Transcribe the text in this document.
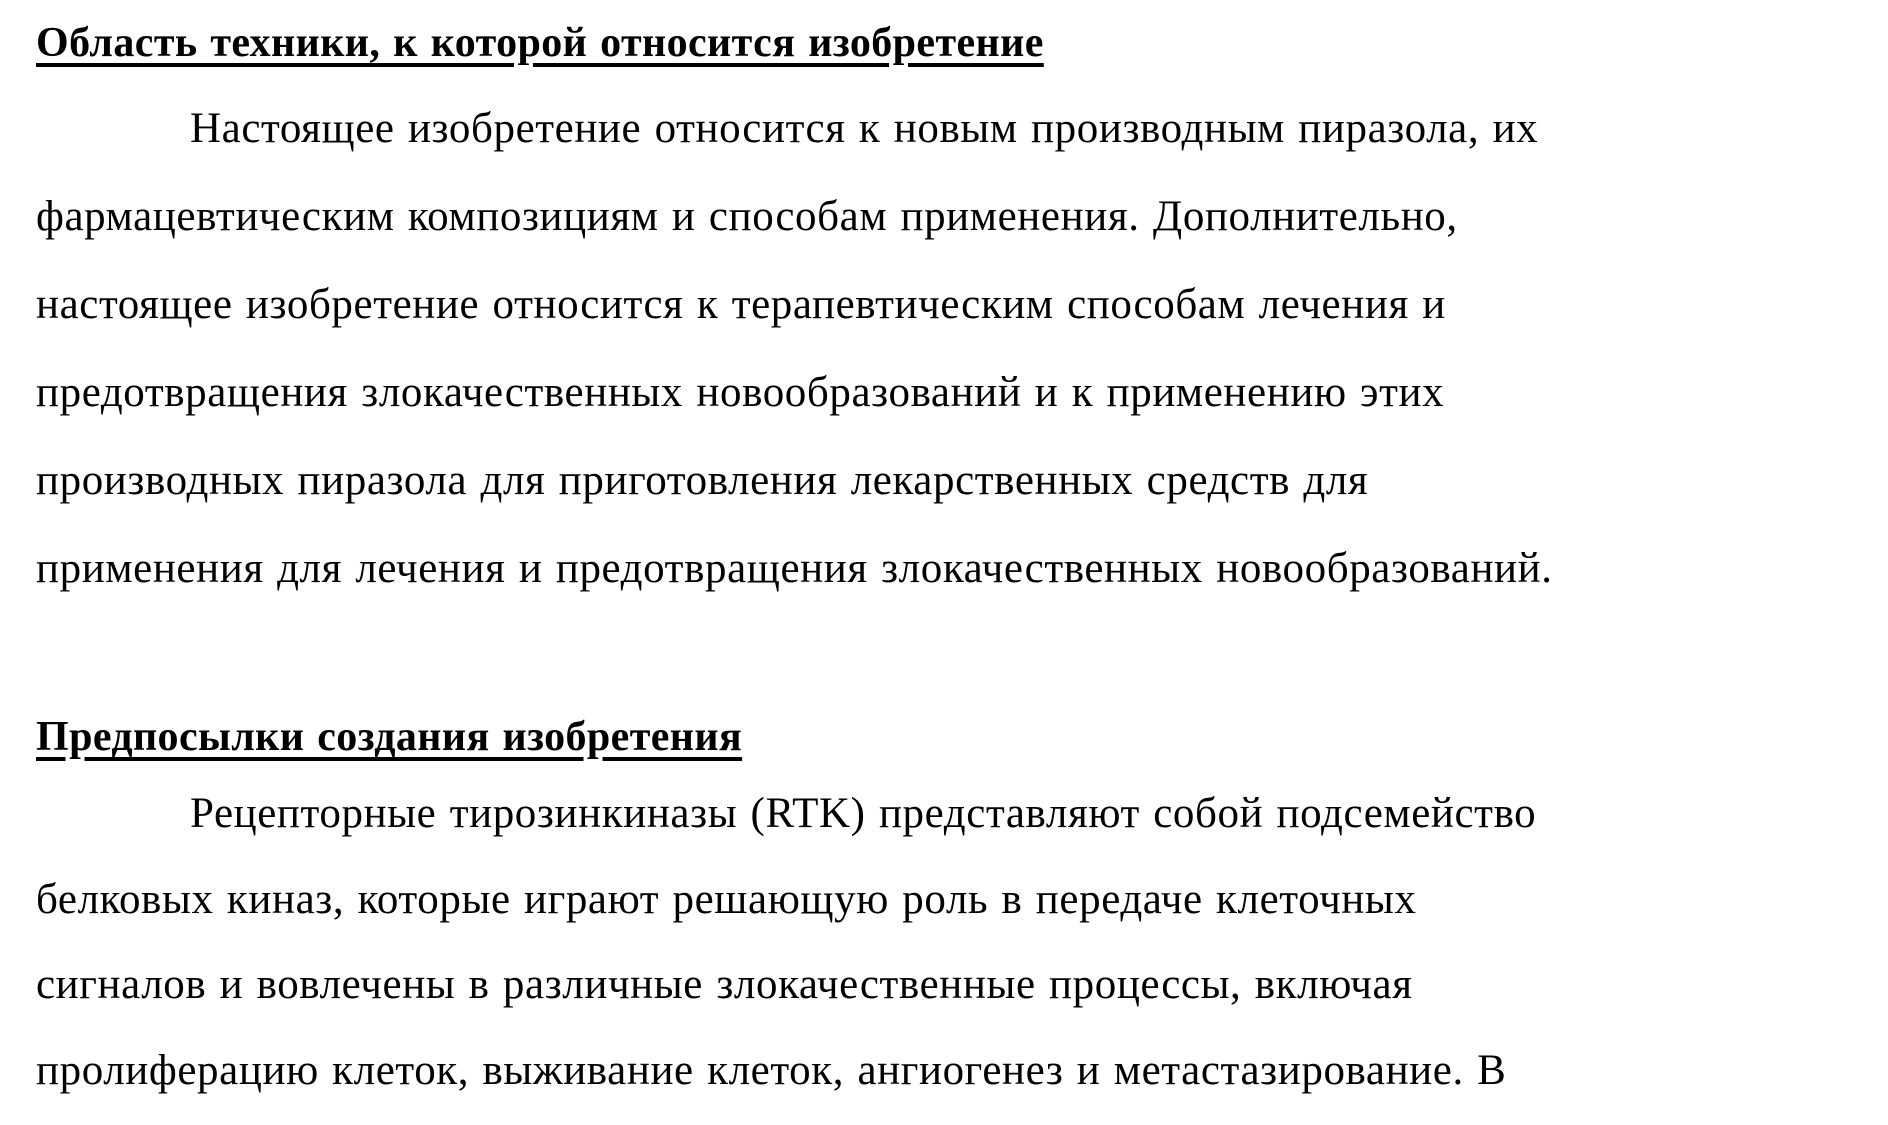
Область техники, к которой относится изобретение
Настоящее изобретение относится к новым производным пиразола, их
фармацевтическим композициям и способам применения. Дополнительно,
настоящее изобретение относится к терапевтическим способам лечения и
предотвращения злокачественных новообразований и к применению этих
производных пиразола для приготовления лекарственных средств для
применения для лечения и предотвращения злокачественных новообразований.
Предпосылки создания изобретения
Рецепторные тирозинкиназы (RTK) представляют собой подсемейство
белковых киназ, которые играют решающую роль в передаче клеточных
сигналов и вовлечены в различные злокачественные процессы, включая
пролиферацию клеток, выживание клеток, ангиогенез и метастазирование. В
